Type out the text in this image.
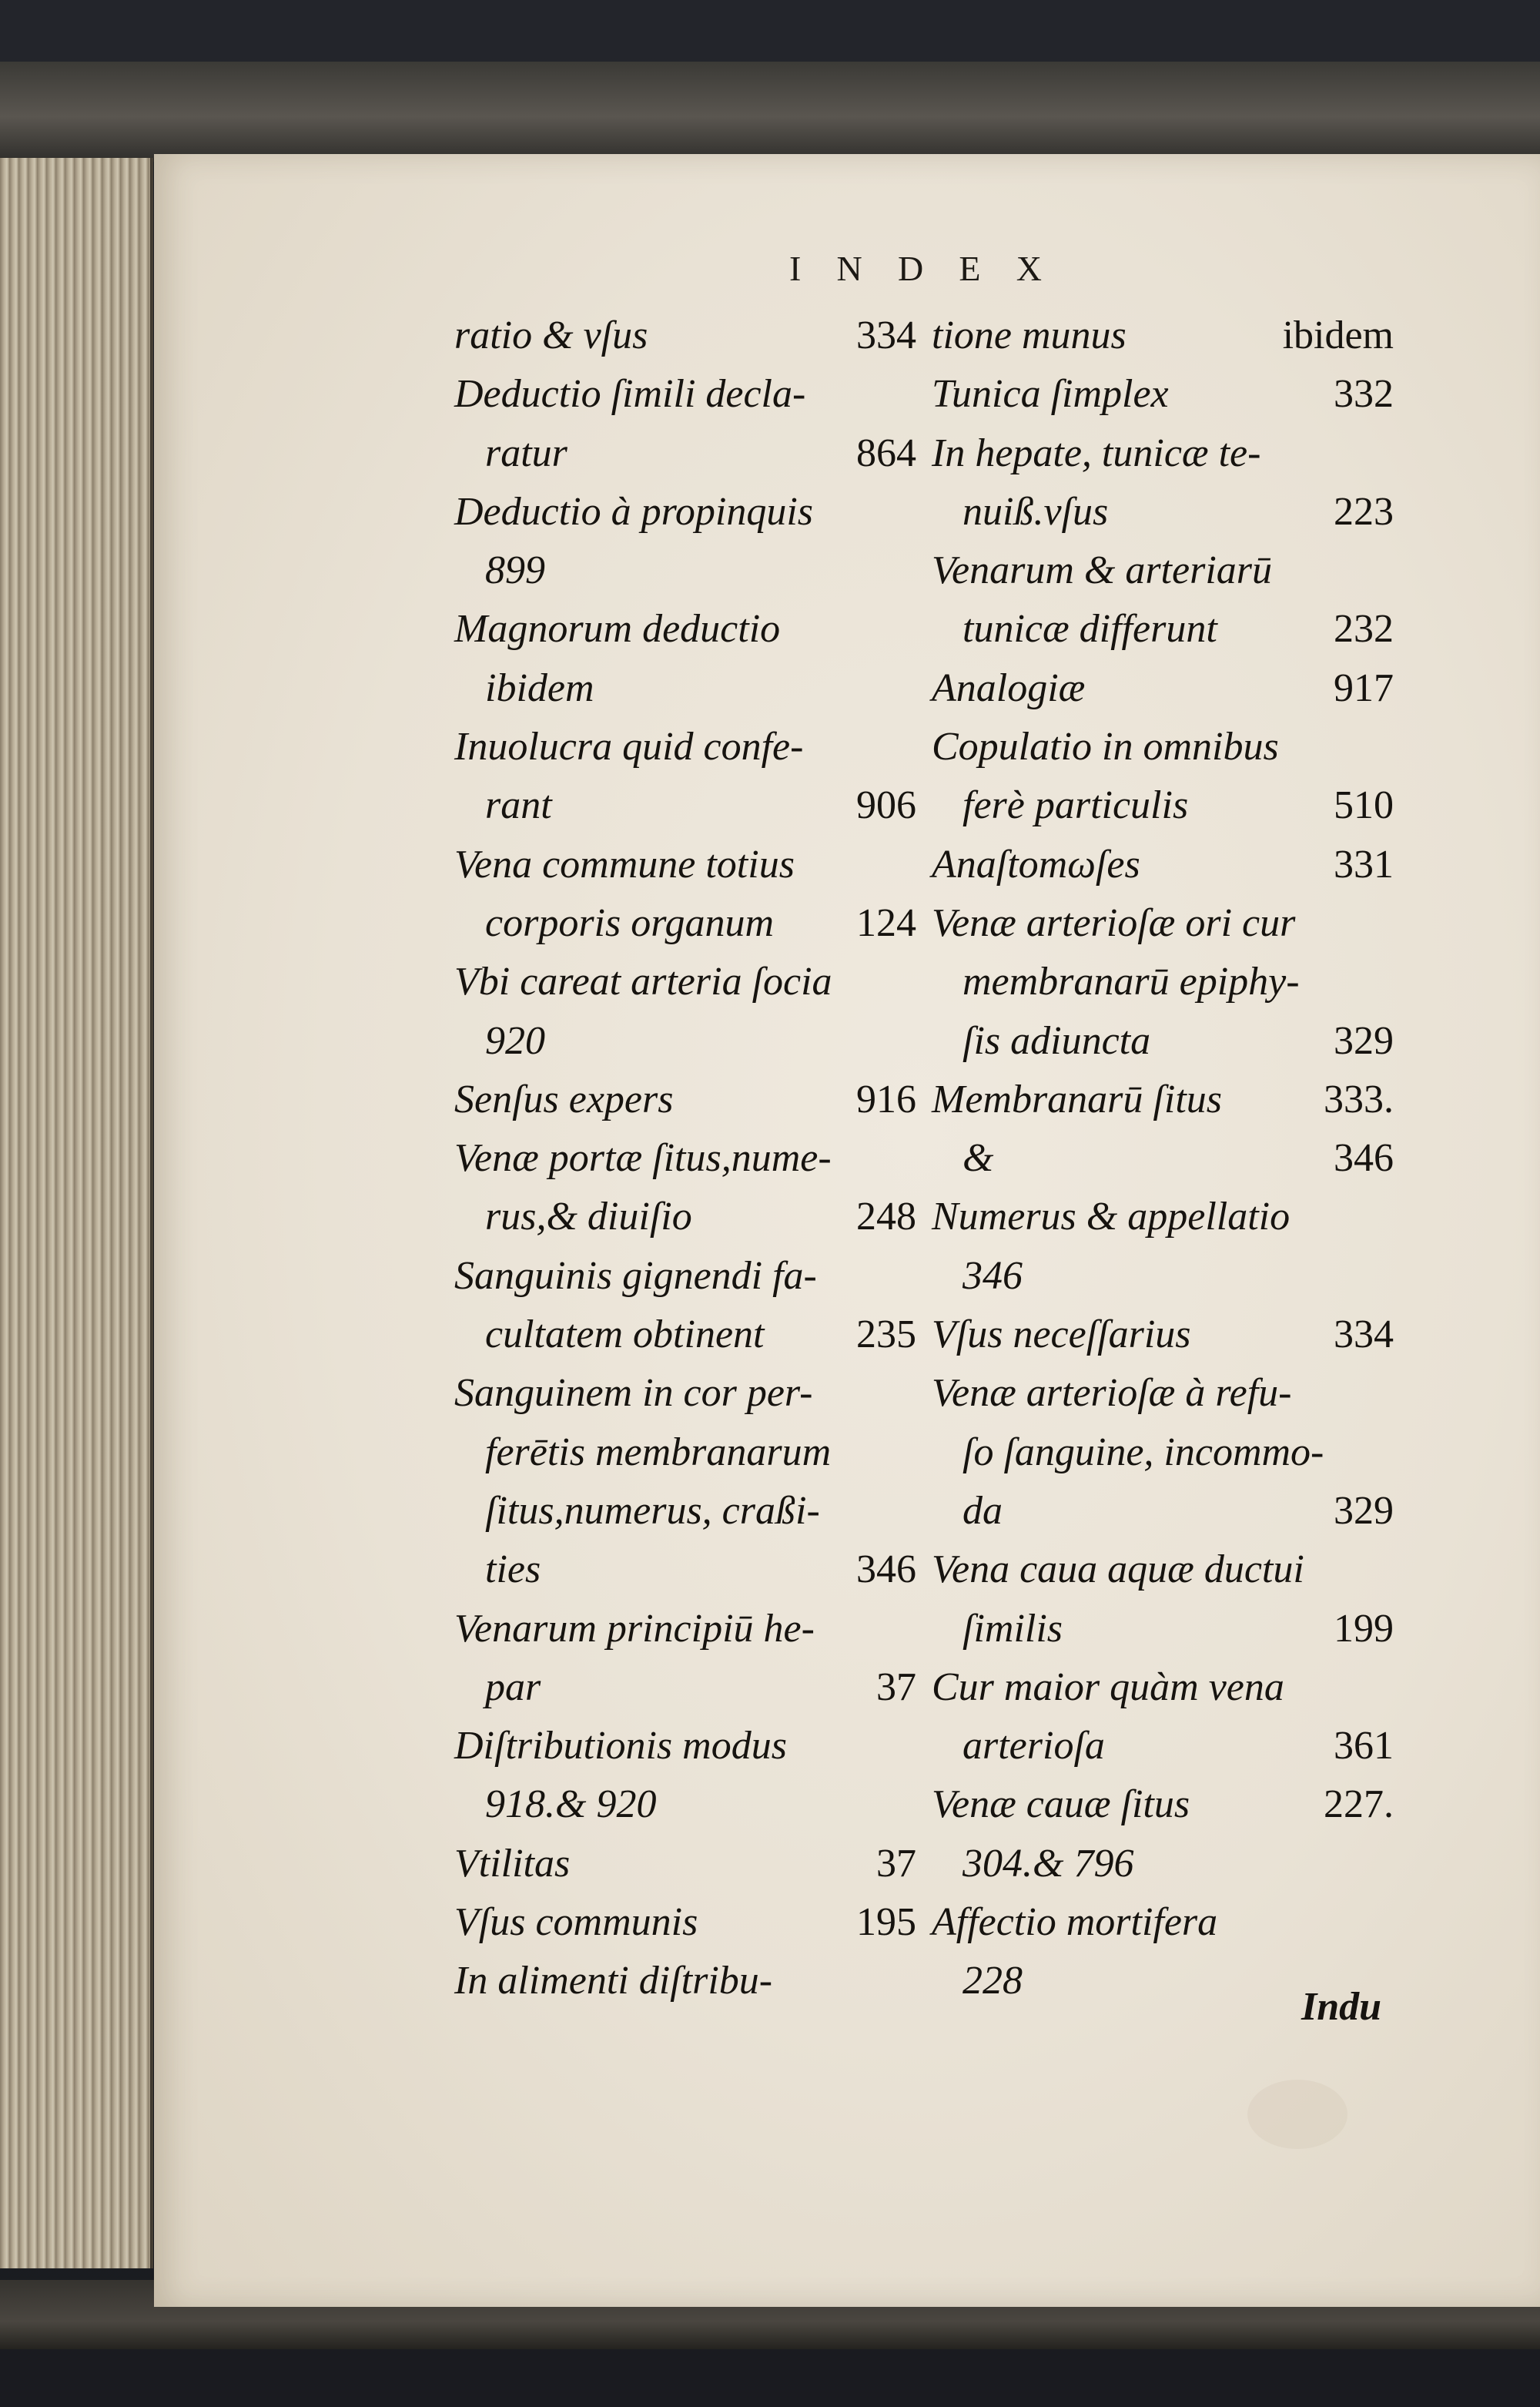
I N D E X
ratio & vſus	334
Deductio ſimili decla-
ratur	864
Deductio à propinquis
899
Magnorum deductio
ibidem
Inuolucra quid confe-
rant	906
Vena commune totius
corporis organum 124
Vbi careat arteria ſocia
920
Senſus expers	916
Venæ portæ ſitus,nume-
rus,& diuiſio	248
Sanguinis gignendi fa-
cultatem obtinent 235
Sanguinem in cor per-
ferētis membranarum
ſitus,numerus, craßi-
ties	346
Venarum principiū he-
par	37
Diſtributionis modus
918.& 920
Vtilitas	37
Vſus communis	195
In alimenti diſtribu-
tione munus	ibidem
Tunica ſimplex	332
In hepate, tunicæ te-
nuiß.vſus	223
Venarum & arteriarū
tunicæ differunt	232
Analogiæ	917
Copulatio in omnibus
ferè particulis	510
Anaſtomωſes	331
Venæ arterioſæ ori cur
membranarū epiphy-
ſis adiuncta	329
Membranarū ſitus	333.
&	346
Numerus & appellatio
346
Vſus neceſſarius	334
Venæ arterioſæ à refu-
ſo ſanguine, incommo-
da	329
Vena caua aquæ ductui
ſimilis	199
Cur maior quàm vena
arterioſa	361
Venæ cauæ ſitus	227.
304.& 796
Affectio mortifera
228
Indu
